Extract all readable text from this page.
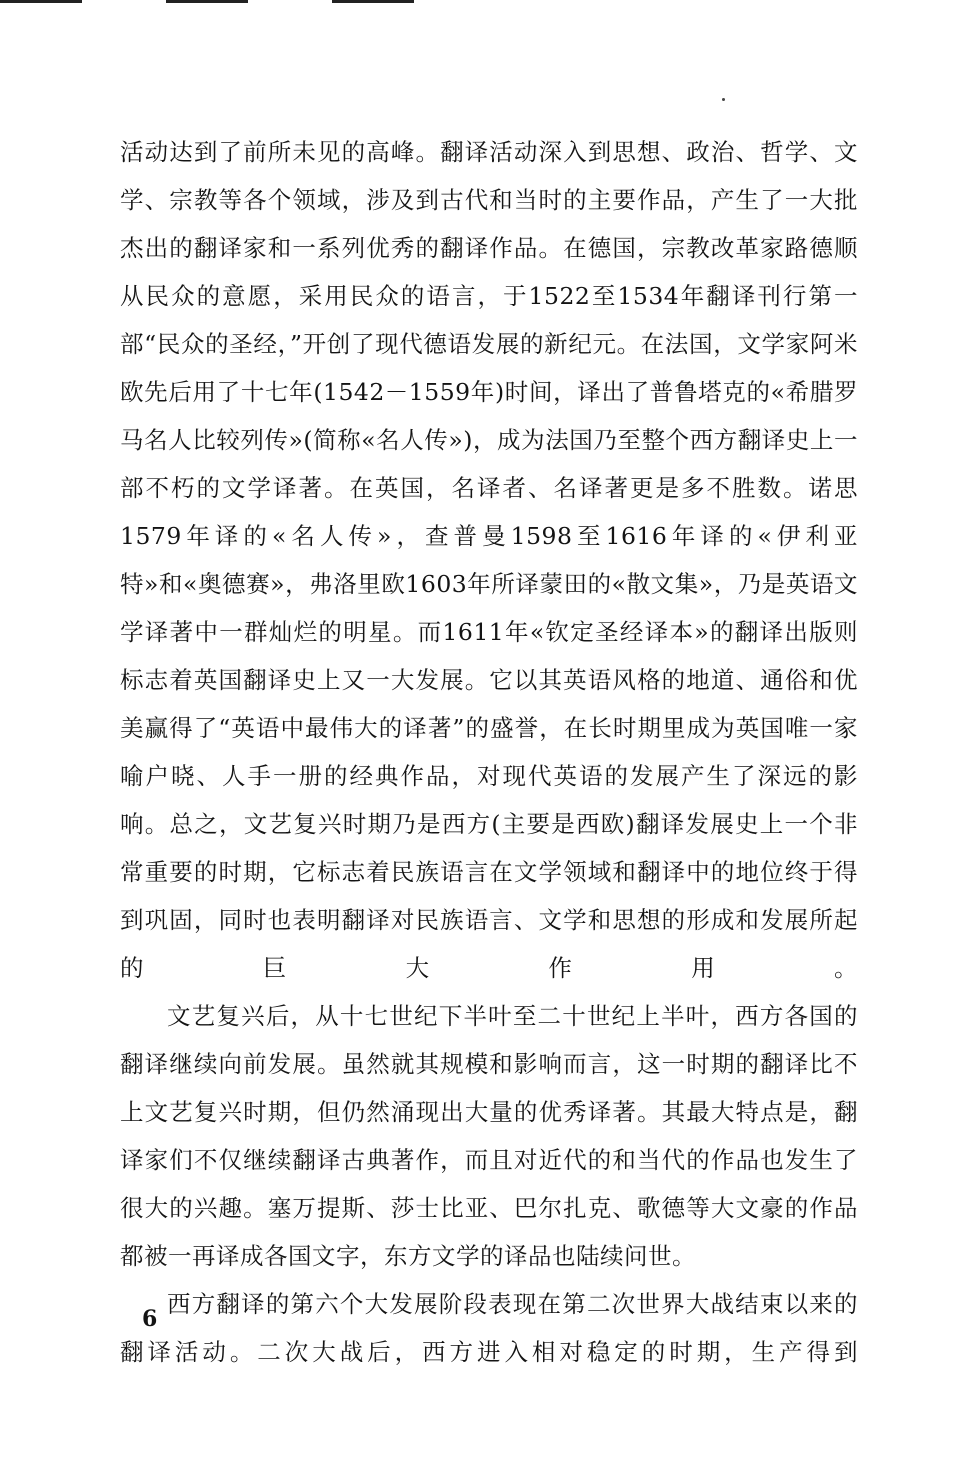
活动达到了前所未见的高峰。翻译活动深入到思想、政治、哲学、文学、宗教等各个领域，涉及到古代和当时的主要作品，产生了一大批杰出的翻译家和一系列优秀的翻译作品。在德国，宗教改革家路德顺从民众的意愿，采用民众的语言，于1522至1534年翻译刊行第一部“民众的圣经，”开创了现代德语发展的新纪元。在法国，文学家阿米欧先后用了十七年(1542－1559年)时间，译出了普鲁塔克的«希腊罗马名人比较列传»(简称«名人传»)，成为法国乃至整个西方翻译史上一部不朽的文学译著。在英国，名译者、名译著更是多不胜数。诺思1579年译的«名人传»，查普曼1598至1616年译的«伊利亚特»和«奥德赛»，弗洛里欧1603年所译蒙田的«散文集»，乃是英语文学译著中一群灿烂的明星。而1611年«钦定圣经译本»的翻译出版则标志着英国翻译史上又一大发展。它以其英语风格的地道、通俗和优美赢得了“英语中最伟大的译著”的盛誉，在长时期里成为英国唯一家喻户晓、人手一册的经典作品，对现代英语的发展产生了深远的影响。总之，文艺复兴时期乃是西方(主要是西欧)翻译发展史上一个非常重要的时期，它标志着民族语言在文学领域和翻译中的地位终于得到巩固，同时也表明翻译对民族语言、文学和思想的形成和发展所起的巨大作用。

文艺复兴后，从十七世纪下半叶至二十世纪上半叶，西方各国的翻译继续向前发展。虽然就其规模和影响而言，这一时期的翻译比不上文艺复兴时期，但仍然涌现出大量的优秀译著。其最大特点是，翻译家们不仅继续翻译古典著作，而且对近代的和当代的作品也发生了很大的兴趣。塞万提斯、莎士比亚、巴尔扎克、歌德等大文豪的作品都被一再译成各国文字，东方文学的译品也陆续问世。

西方翻译的第六个大发展阶段表现在第二次世界大战结束以来的翻译活动。二次大战后，西方进入相对稳定的时期，生产得到

6
